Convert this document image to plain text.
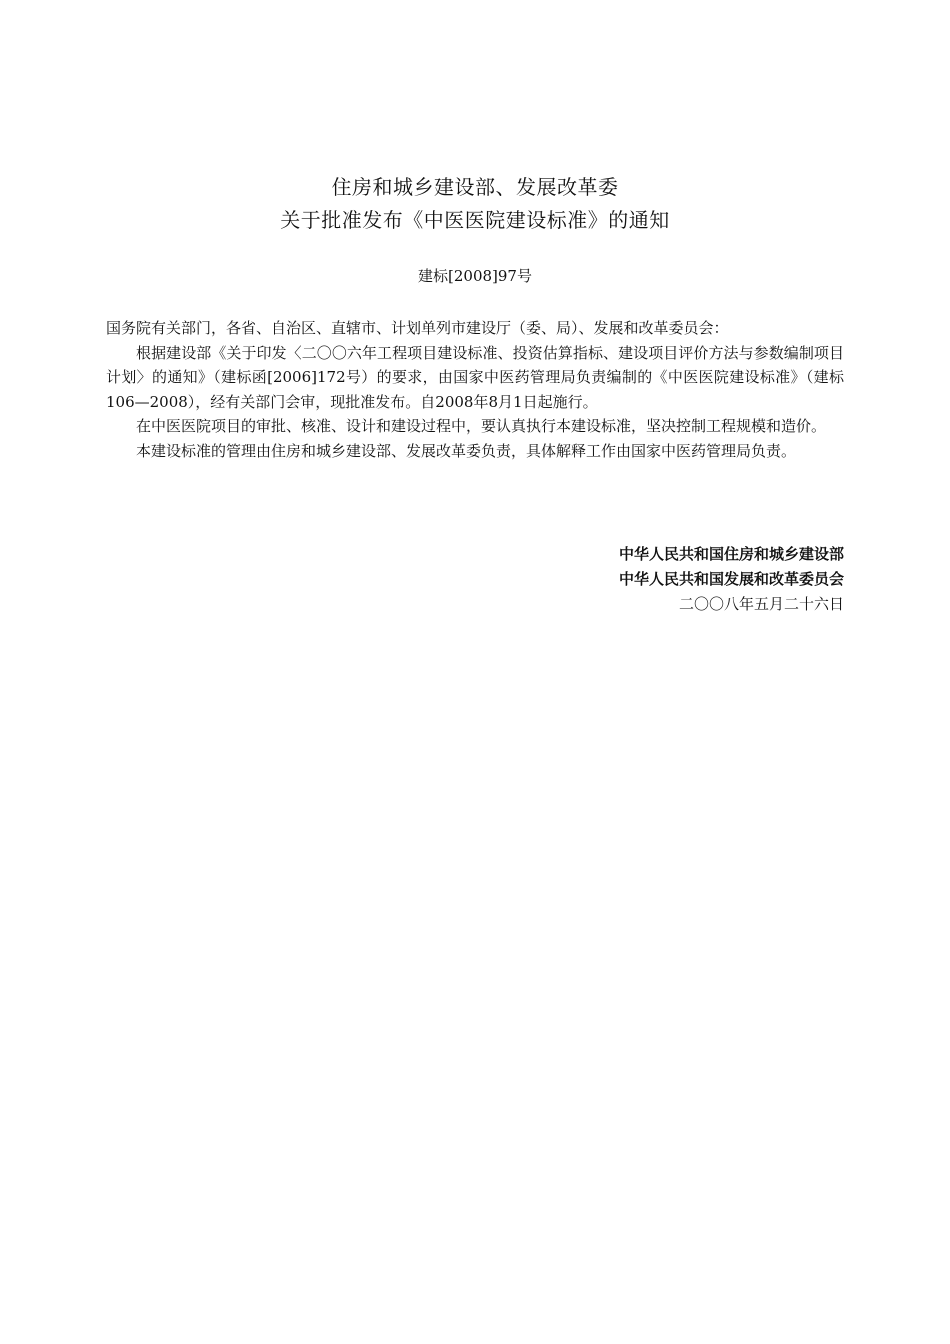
住房和城乡建设部、发展改革委
关于批准发布《中医医院建设标准》的通知
建标[2008]97号

国务院有关部门，各省、自治区、直辖市、计划单列市建设厅（委、局）、发展和改革委员会：

根据建设部《关于印发〈二〇〇六年工程项目建设标准、投资估算指标、建设项目评价方法与参数编制项目计划〉的通知》（建标函[2006]172号）的要求，由国家中医药管理局负责编制的《中医医院建设标准》（建标106—2008），经有关部门会审，现批准发布。自2008年8月1日起施行。

在中医医院项目的审批、核准、设计和建设过程中，要认真执行本建设标准，坚决控制工程规模和造价。

本建设标准的管理由住房和城乡建设部、发展改革委负责，具体解释工作由国家中医药管理局负责。

中华人民共和国住房和城乡建设部
中华人民共和国发展和改革委员会
二〇〇八年五月二十六日
